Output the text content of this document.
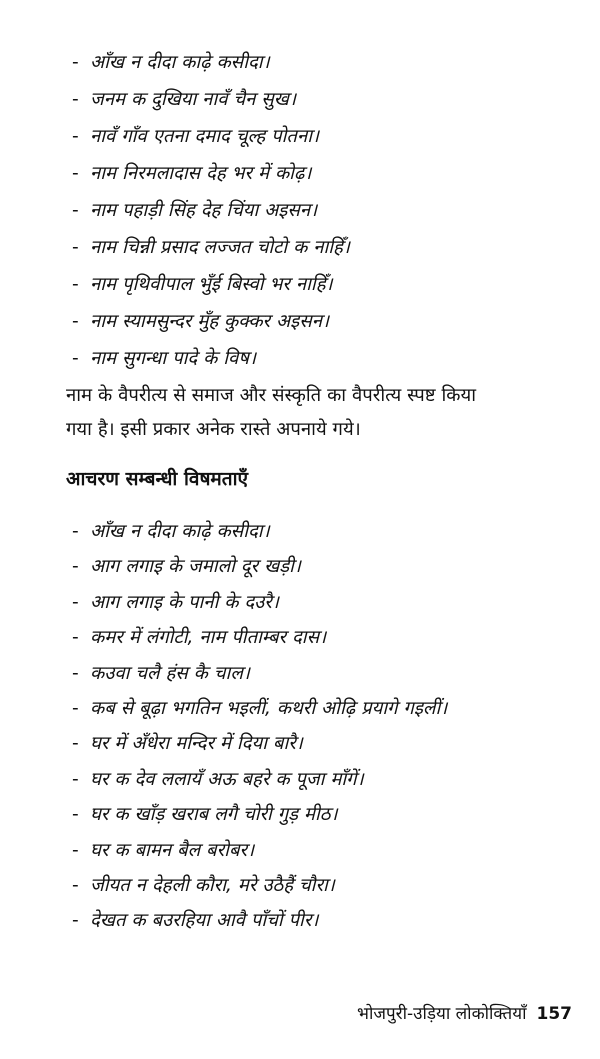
- आँख न दीदा काढ़े कसीदा।
- जनम क दुखिया नावँ चैन सुख।
- नावँ गाँव एतना दमाद चूल्ह पोतना।
- नाम निरमलादास देह भर में कोढ़।
- नाम पहाड़ी सिंह देह चिंया अइसन।
- नाम चिन्नी प्रसाद लज्जत चोटो क नाहिँ।
- नाम पृथिवीपाल भुँई बिस्वो भर नाहिँ।
- नाम स्यामसुन्दर मुँह कुक्कर अइसन।
- नाम सुगन्धा पादे के विष।

नाम के वैपरीत्य से समाज और संस्कृति का वैपरीत्य स्पष्ट किया
गया है। इसी प्रकार अनेक रास्ते अपनाये गये।

आचरण सम्बन्धी विषमताएँ
- आँख न दीदा काढ़े कसीदा।
- आग लगाइ के जमालो दूर खड़ी।
- आग लगाइ के पानी के दउरै।
- कमर में लंगोटी, नाम पीताम्बर दास।
- कउवा चलै हंस कै चाल।
- कब से बूढ़ा भगतिन भइलीं, कथरी ओढ़ि प्रयागे गइलीं।
- घर में अँधेरा मन्दिर में दिया बारै।
- घर क देव ललायँ अऊ बहरे क पूजा माँगें।
- घर क खाँड़ खराब लगै चोरी गुड़ मीठ।
- घर क बामन बैल बरोबर।
- जीयत न देहली कौरा, मरे उठैहैं चौरा।
- देखत क बउरहिया आवै पाँचों पीर।
भोजपुरी-उड़िया लोकोक्तियाँ 157
